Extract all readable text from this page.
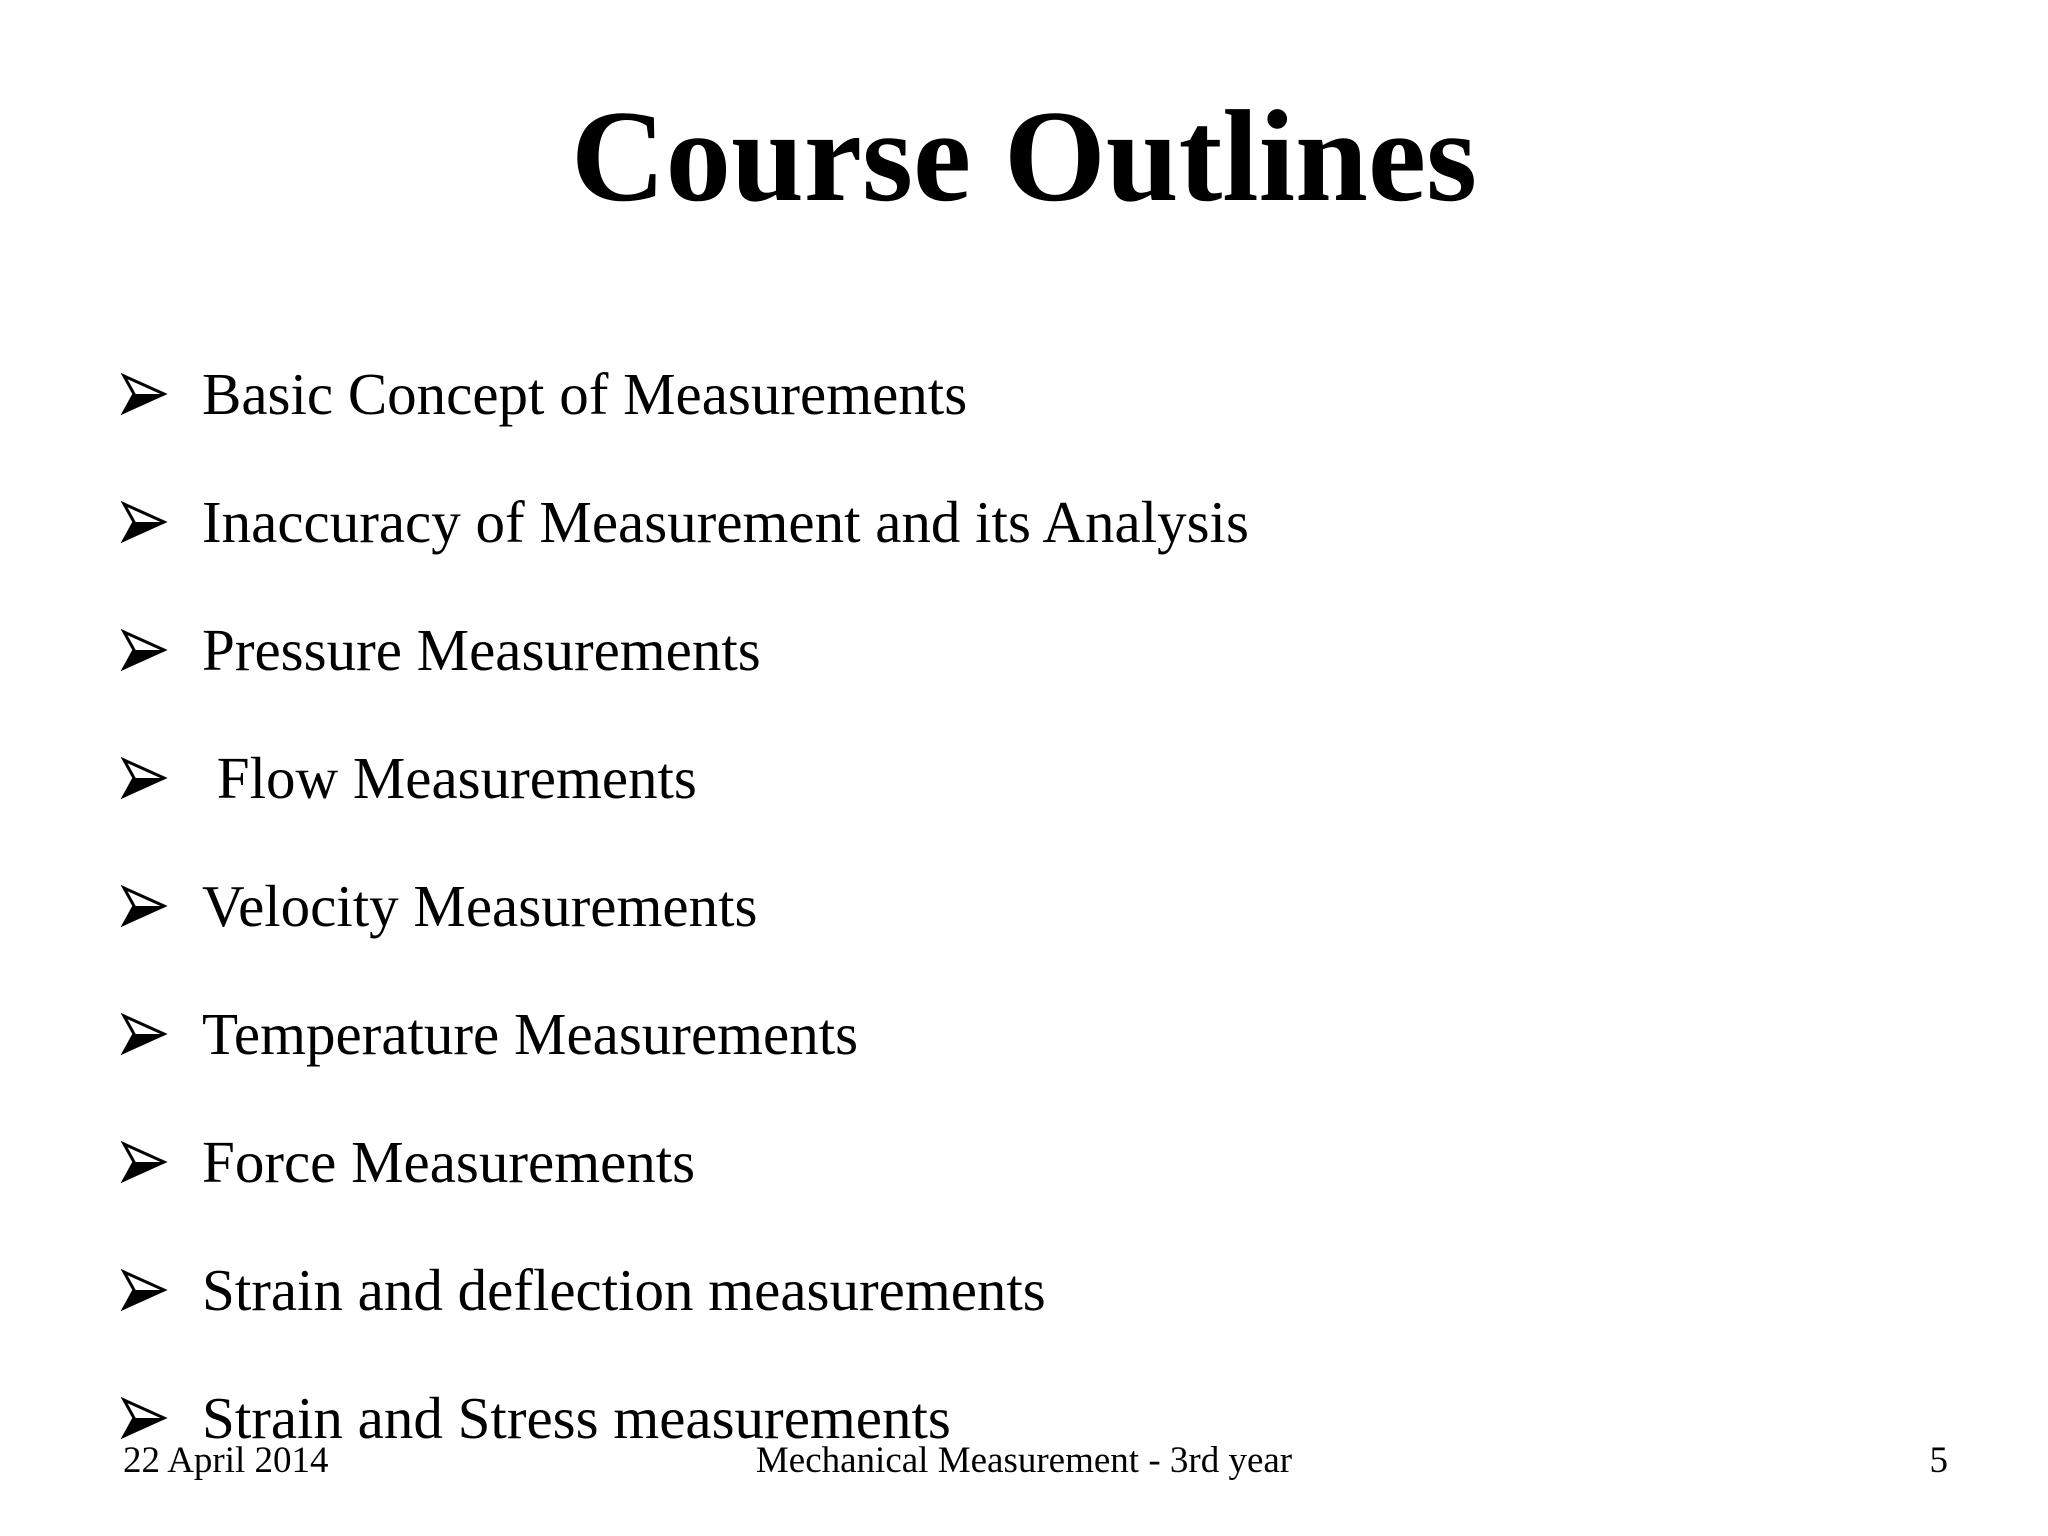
Course Outlines
Basic Concept of Measurements
Inaccuracy of Measurement and its Analysis
Pressure Measurements
Flow Measurements
Velocity Measurements
Temperature Measurements
Force Measurements
Strain and deflection measurements
Strain and Stress measurements
22 April 2014	Mechanical Measurement - 3rd year	5
